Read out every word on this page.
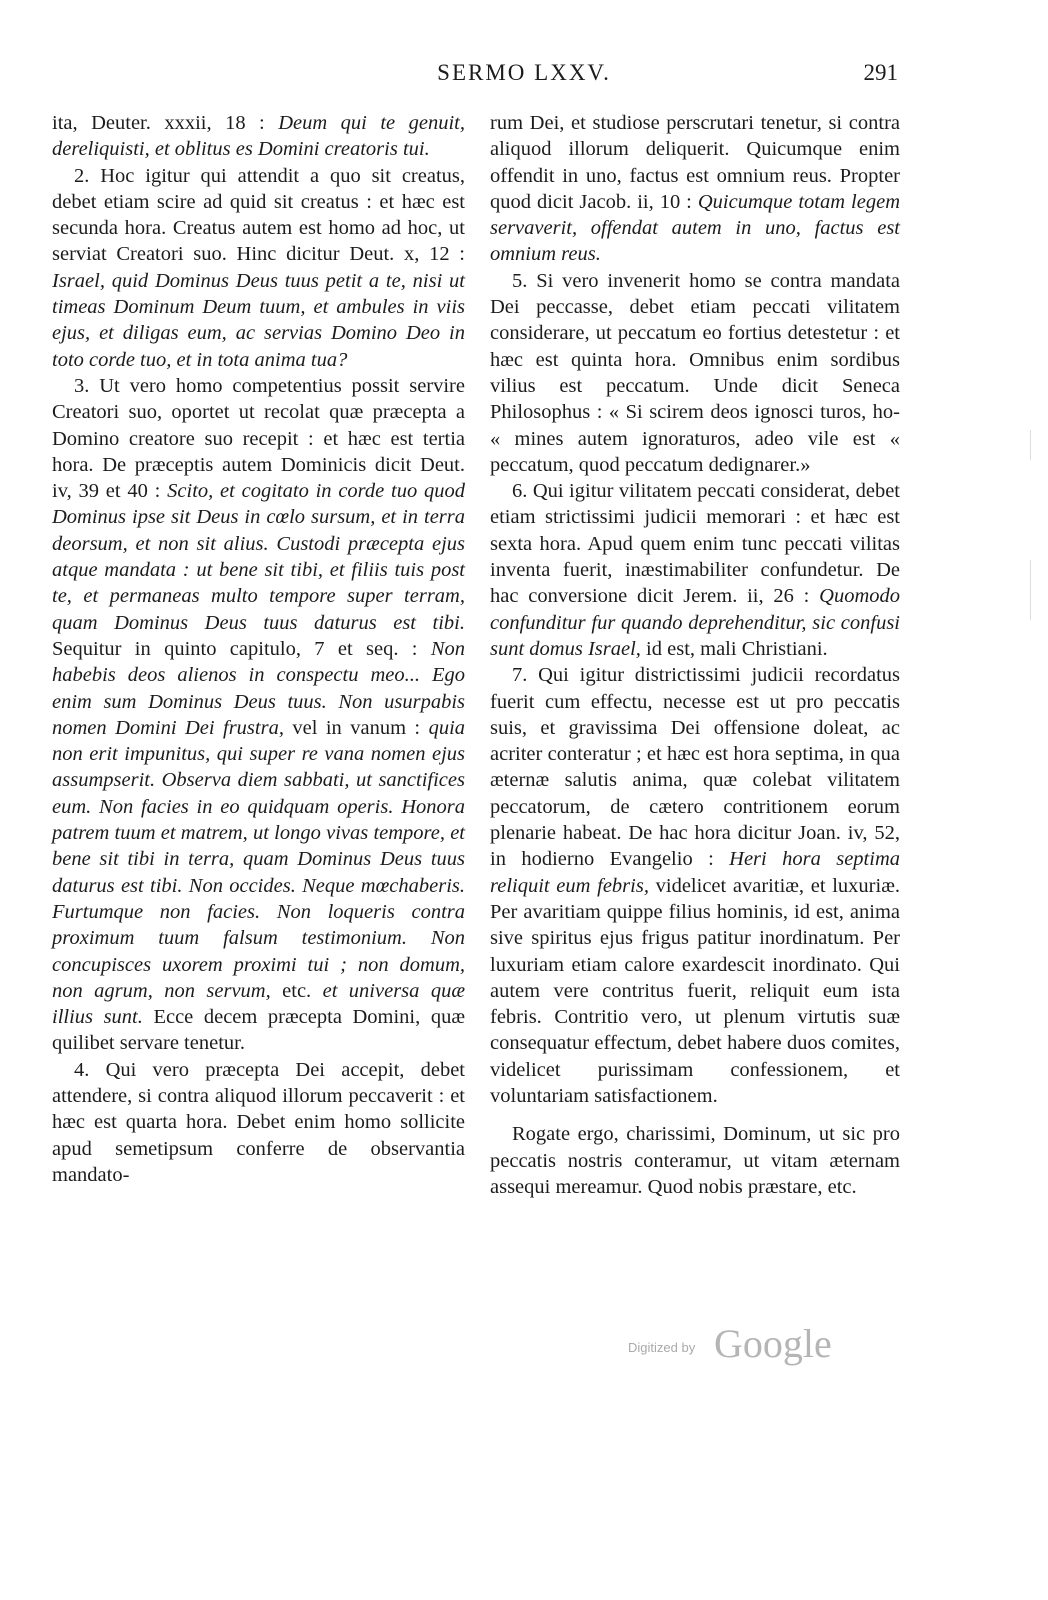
SERMO LXXV.	291

ita, Deuter. xxxii, 18 : Deum qui te genuit, dereliquisti, et oblitus es Domini creatoris tui.

2. Hoc igitur qui attendit a quo sit creatus, debet etiam scire ad quid sit creatus : et hæc est secunda hora. Creatus autem est homo ad hoc, ut serviat Creatori suo. Hinc dicitur Deut. x, 12 : Israel, quid Dominus Deus tuus petit a te, nisi ut timeas Dominum Deum tuum, et ambules in viis ejus, et diligas eum, ac servias Domino Deo in toto corde tuo, et in tota anima tua?

3. Ut vero homo competentius possit servire Creatori suo, oportet ut recolat quæ præcepta a Domino creatore suo recepit : et hæc est tertia hora. De præceptis autem Dominicis dicit Deut. iv, 39 et 40 : Scito, et cogitato in corde tuo quod Dominus ipse sit Deus in cœlo sursum, et in terra deorsum, et non sit alius. Custodi præcepta ejus atque mandata : ut bene sit tibi, et filiis tuis post te, et permaneas multo tempore super terram, quam Dominus Deus tuus daturus est tibi. Sequitur in quinto capitulo, 7 et seq. : Non habebis deos alienos in conspectu meo... Ego enim sum Dominus Deus tuus. Non usurpabis nomen Domini Dei frustra, vel in vanum : quia non erit impunitus, qui super re vana nomen ejus assumpserit. Observa diem sabbati, ut sanctifices eum. Non facies in eo quidquam operis. Honora patrem tuum et matrem, ut longo vivas tempore, et bene sit tibi in terra, quam Dominus Deus tuus daturus est tibi. Non occides. Neque mœchaberis. Furtumque non facies. Non loqueris contra proximum tuum falsum testimonium. Non concupisces uxorem proximi tui ; non domum, non agrum, non servum, etc. et universa quæ illius sunt. Ecce decem præcepta Domini, quæ quilibet servare tenetur.

4. Qui vero præcepta Dei accepit, debet attendere, si contra aliquod illorum peccaverit : et hæc est quarta hora. Debet enim homo sollicite apud semetipsum conferre de observantia mandato-

rum Dei, et studiose perscrutari tenetur, si contra aliquod illorum deliquerit. Quicumque enim offendit in uno, factus est omnium reus. Propter quod dicit Jacob. ii, 10 : Quicumque totam legem servaverit, offendat autem in uno, factus est omnium reus.

5. Si vero invenerit homo se contra mandata Dei peccasse, debet etiam peccati vilitatem considerare, ut peccatum eo fortius detestetur : et hæc est quinta hora. Omnibus enim sordibus vilius est peccatum. Unde dicit Seneca Philosophus : « Si scirem deos ignosci turos, ho- « mines autem ignoraturos, adeo vile est « peccatum, quod peccatum dedignarer.»

6. Qui igitur vilitatem peccati considerat, debet etiam strictissimi judicii memorari : et hæc est sexta hora. Apud quem enim tunc peccati vilitas inventa fuerit, inæstimabiliter confundetur. De hac conversione dicit Jerem. ii, 26 : Quomodo confunditur fur quando deprehenditur, sic confusi sunt domus Israel, id est, mali Christiani.

7. Qui igitur districtissimi judicii recordatus fuerit cum effectu, necesse est ut pro peccatis suis, et gravissima Dei offensione doleat, ac acriter conteratur ; et hæc est hora septima, in qua æternæ salutis anima, quæ colebat vilitatem peccatorum, de cætero contritionem eorum plenarie habeat. De hac hora dicitur Joan. iv, 52, in hodierno Evangelio : Heri hora septima reliquit eum febris, videlicet avaritiæ, et luxuriæ. Per avaritiam quippe filius hominis, id est, anima sive spiritus ejus frigus patitur inordinatum. Per luxuriam etiam calore exardescit inordinato. Qui autem vere contritus fuerit, reliquit eum ista febris. Contritio vero, ut plenum virtutis suæ consequatur effectum, debet habere duos comites, videlicet purissimam confessionem, et voluntariam satisfactionem.

Rogate ergo, charissimi, Dominum, ut sic pro peccatis nostris conteramur, ut vitam æternam assequi mereamur. Quod nobis præstare, etc.

Digitized by Google
